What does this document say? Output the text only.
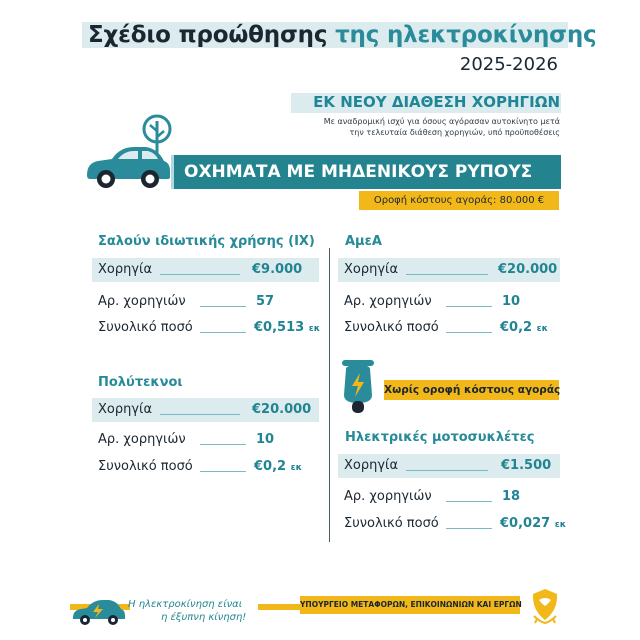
Σχέδιο προώθησης της ηλεκτροκίνησης
2025-2026
ΕΚ ΝΕΟΥ ΔΙΑΘΕΣΗ ΧΟΡΗΓΙΩΝ
Με αναδρομική ισχύ για όσους αγόρασαν αυτοκίνητο μετά
την τελευταία διάθεση χορηγιών, υπό προϋποθέσεις
ΟΧΗΜΑΤΑ ΜΕ ΜΗΔΕΝΙΚΟΥΣ ΡΥΠΟΥΣ
Οροφή κόστους αγοράς: 80.000 €
Σαλούν ιδιωτικής χρήσης (ΙΧ)
Χορηγία	€9.000
Αρ. χορηγιών	57
Συνολικό ποσό	€0,513 εκ
Πολύτεκνοι
Χορηγία	€20.000
Αρ. χορηγιών	10
Συνολικό ποσό	€0,2 εκ
ΑμεΑ
Χορηγία	€20.000
Αρ. χορηγιών	10
Συνολικό ποσό	€0,2 εκ
Χωρίς οροφή κόστους αγοράς
Ηλεκτρικές μοτοσυκλέτες
Χορηγία	€1.500
Αρ. χορηγιών	18
Συνολικό ποσό	€0,027 εκ
Η ηλεκτροκίνηση είναι
η έξυπνη κίνηση!
ΥΠΟΥΡΓΕΙΟ ΜΕΤΑΦΟΡΩΝ, ΕΠΙΚΟΙΝΩΝΙΩΝ ΚΑΙ ΕΡΓΩΝ
